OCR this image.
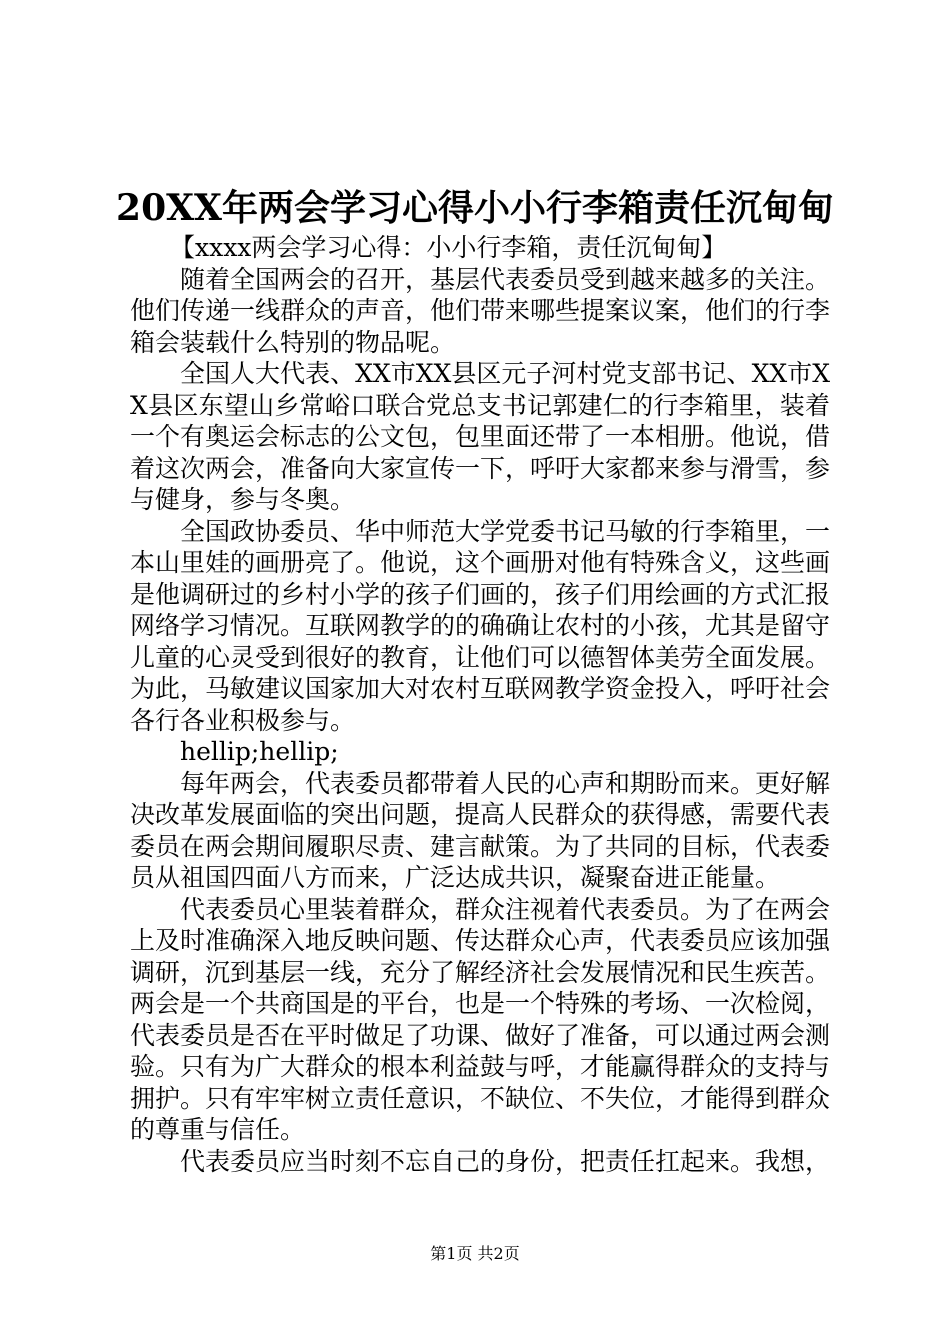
20XX年两会学习心得小小行李箱责任沉甸甸

【xxxx两会学习心得：小小行李箱，责任沉甸甸】

随着全国两会的召开，基层代表委员受到越来越多的关注。他们传递一线群众的声音，他们带来哪些提案议案，他们的行李箱会装载什么特别的物品呢。

全国人大代表、XX市XX县区元子河村党支部书记、XX市XX县区东望山乡常峪口联合党总支书记郭建仁的行李箱里，装着一个有奥运会标志的公文包，包里面还带了一本相册。他说，借着这次两会，准备向大家宣传一下，呼吁大家都来参与滑雪，参与健身，参与冬奥。

全国政协委员、华中师范大学党委书记马敏的行李箱里，一本山里娃的画册亮了。他说，这个画册对他有特殊含义，这些画是他调研过的乡村小学的孩子们画的，孩子们用绘画的方式汇报网络学习情况。互联网教学的的确确让农村的小孩，尤其是留守儿童的心灵受到很好的教育，让他们可以德智体美劳全面发展。为此，马敏建议国家加大对农村互联网教学资金投入，呼吁社会各行各业积极参与。

hellip;hellip;

每年两会，代表委员都带着人民的心声和期盼而来。更好解决改革发展面临的突出问题，提高人民群众的获得感，需要代表委员在两会期间履职尽责、建言献策。为了共同的目标，代表委员从祖国四面八方而来，广泛达成共识，凝聚奋进正能量。

代表委员心里装着群众，群众注视着代表委员。为了在两会上及时准确深入地反映问题、传达群众心声，代表委员应该加强调研，沉到基层一线，充分了解经济社会发展情况和民生疾苦。两会是一个共商国是的平台，也是一个特殊的考场、一次检阅，代表委员是否在平时做足了功课、做好了准备，可以通过两会测验。只有为广大群众的根本利益鼓与呼，才能赢得群众的支持与拥护。只有牢牢树立责任意识，不缺位、不失位，才能得到群众的尊重与信任。

代表委员应当时刻不忘自己的身份，把责任扛起来。我想，

第1页 共2页
